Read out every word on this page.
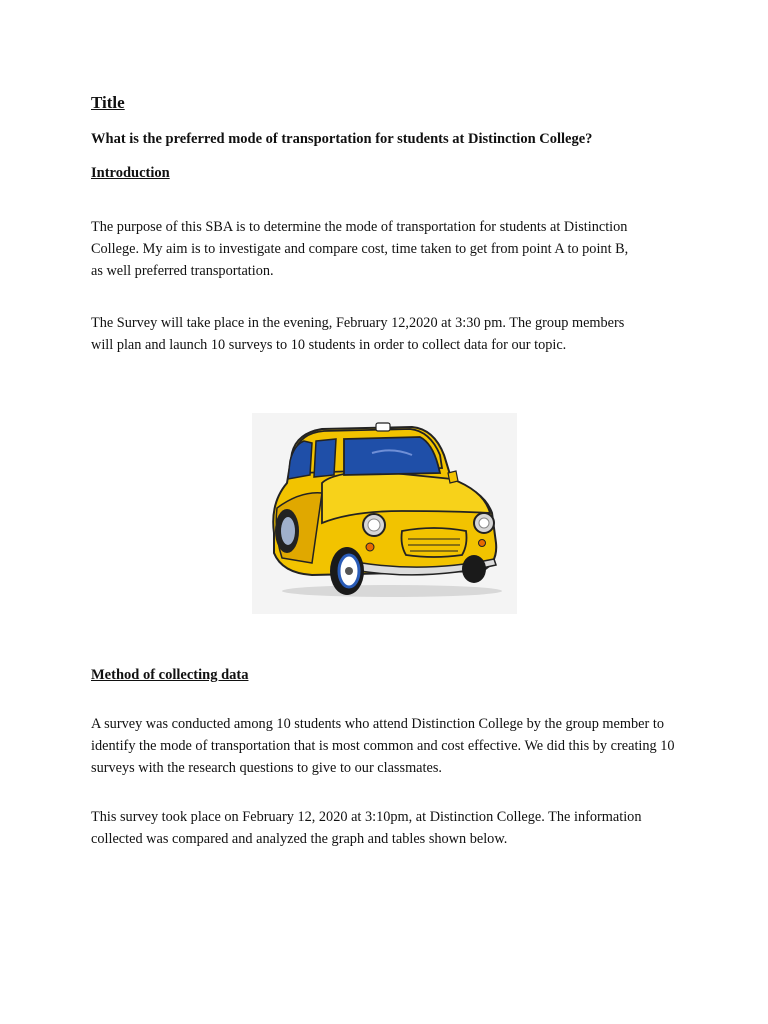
Title

What is the preferred mode of transportation for students at Distinction College?

Introduction

The purpose of this SBA is to determine the mode of transportation for students at Distinction College. My aim is to investigate and compare cost, time taken to get from point A to point B, as well preferred transportation.

The Survey will take place in the evening, February 12,2020 at 3:30 pm. The group members will plan and launch 10 surveys to 10 students in order to collect data for our topic.

Method of collecting data

A survey was conducted among 10 students who attend Distinction College by the group member to identify the mode of transportation that is most common and cost effective. We did this by creating 10 surveys with the research questions to give to our classmates.

This survey took place on February 12, 2020 at 3:10pm, at Distinction College. The information collected was compared and analyzed the graph and tables shown below.
